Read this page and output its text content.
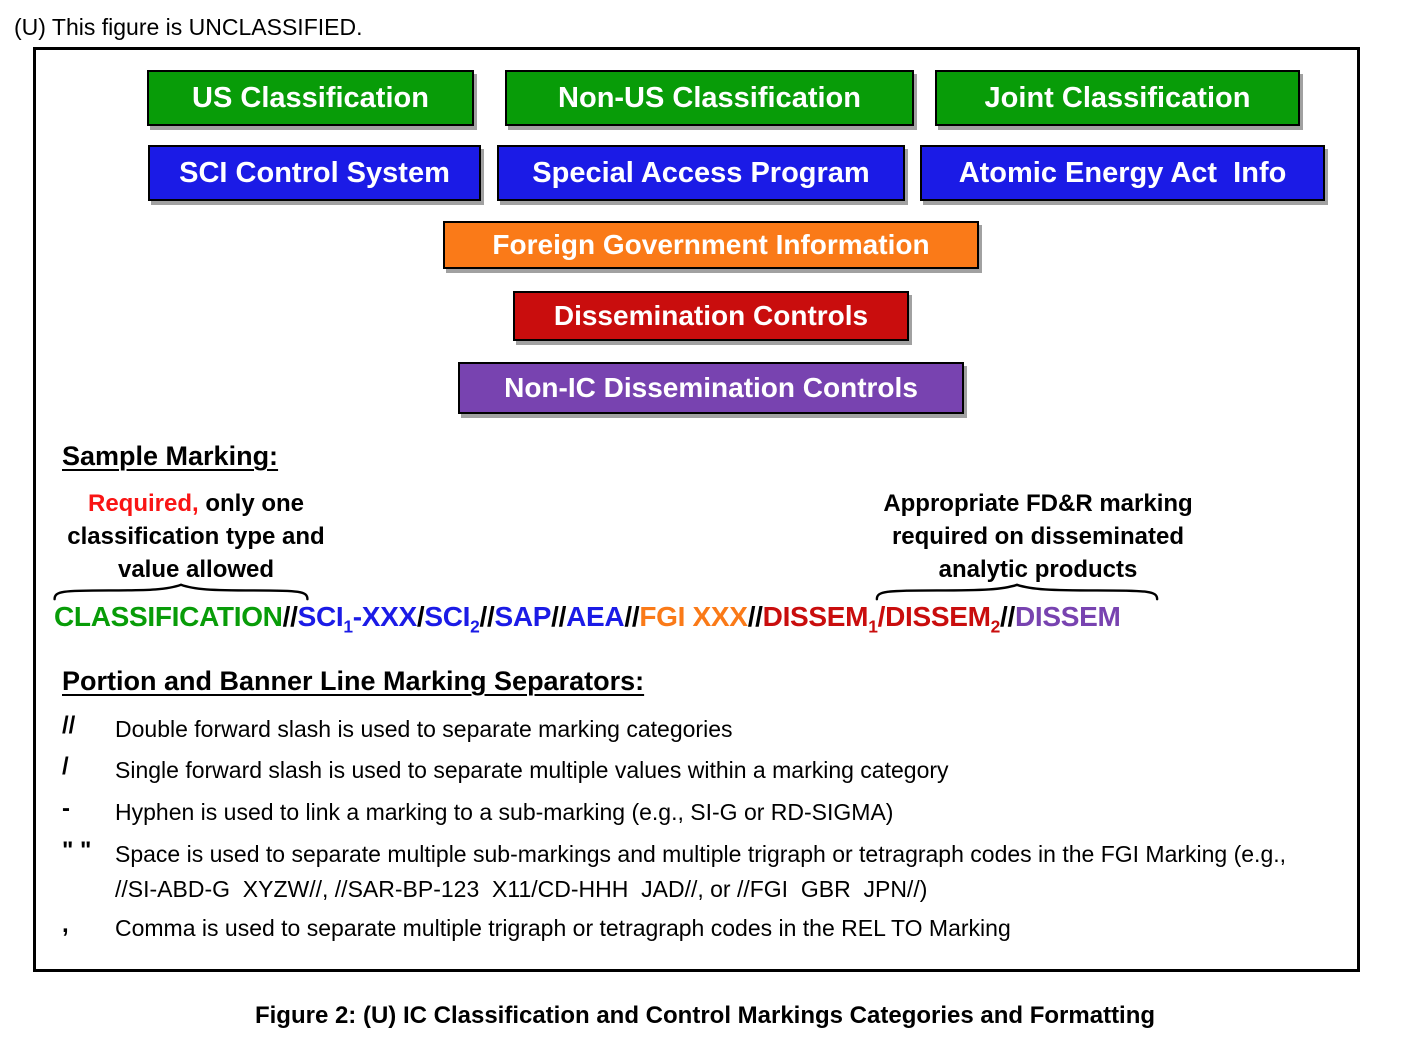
(U) This figure is UNCLASSIFIED.
US Classification	Non-US Classification	Joint Classification
SCI Control System	Special Access Program	Atomic Energy Act  Info
Foreign Government Information
Dissemination Controls
Non-IC Dissemination Controls
Sample Marking:
Required, only one
classification type and
value allowed
Appropriate FD&R marking
required on disseminated
analytic products
CLASSIFICATION/$/SCI_1-XXX/SCI_2//SAP//AEA/$/FGI XXX/$/DISSEM_1/DISSEM_2/$/DISSEM
Portion and Banner Line Marking Separators:
//	Double forward slash is used to separate marking categories
/	Single forward slash is used to separate multiple values within a marking category
-	Hyphen is used to link a marking to a sub-marking (e.g., SI-G or RD-SIGMA)
" "	Space is used to separate multiple sub-markings and multiple trigraph or tetragraph codes in the FGI Marking (e.g., //SI-ABD-G  XYZW//, //SAR-BP-123  X11/CD-HHH  JAD//, or //FGI  GBR  JPN//)
,	Comma is used to separate multiple trigraph or tetragraph codes in the REL TO Marking
Figure 2: (U) IC Classification and Control Markings Categories and Formatting
